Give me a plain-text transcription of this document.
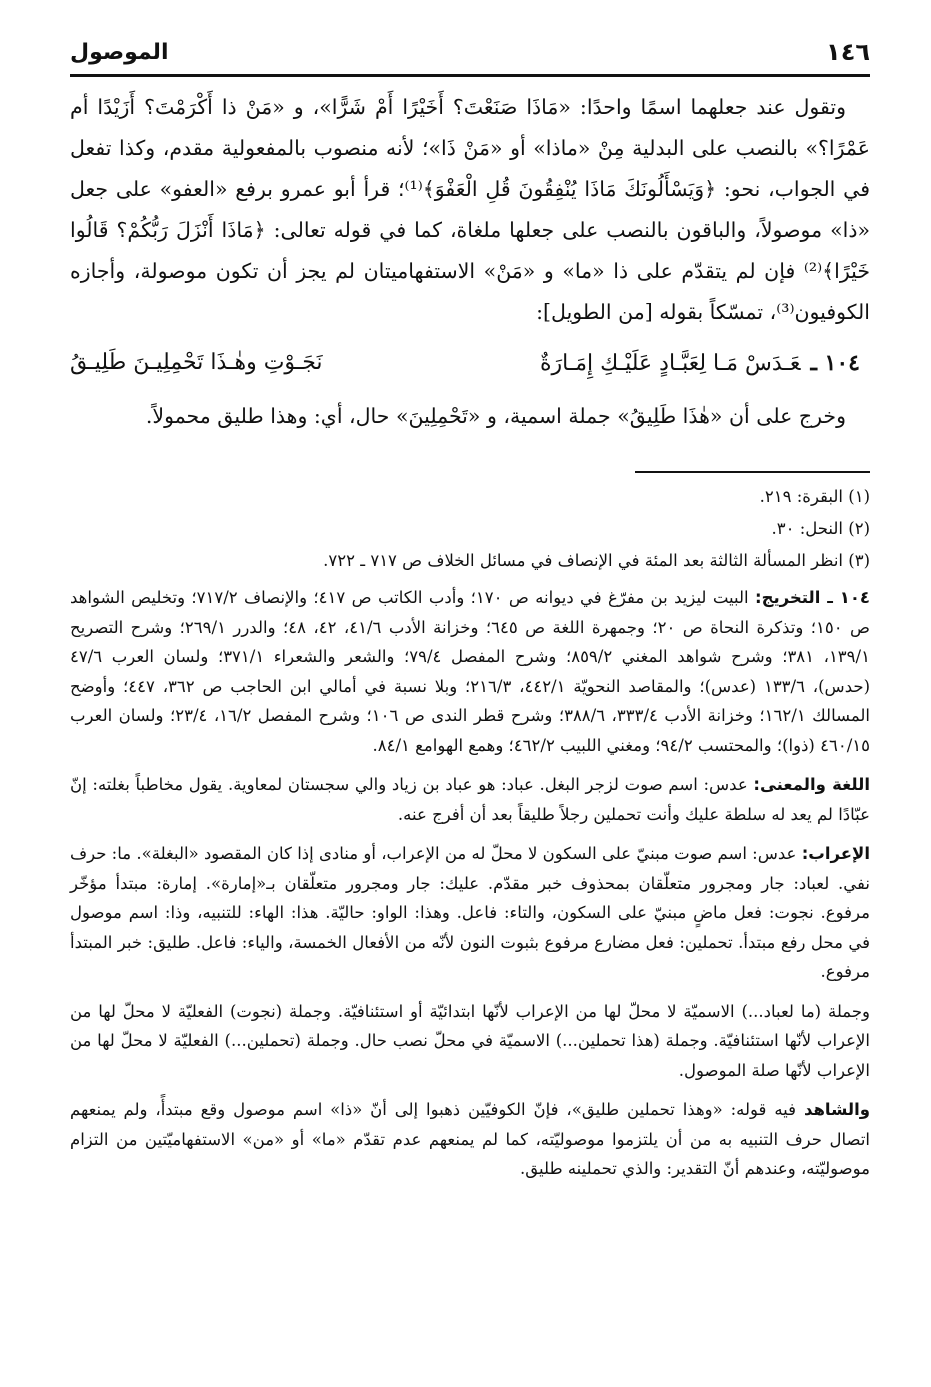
١٤٦
الموصول

وتقول عند جعلهما اسمًا واحدًا: «مَاذَا صَنَعْتَ؟ أَخَيْرًا أَمْ شَرًّا»، و «مَنْ ذا أَكْرَمْتَ؟ أَزَيْدًا أم عَمْرًا؟» بالنصب على البدلية مِنْ «ماذا» أو «مَنْ ذَا»؛ لأنه منصوب بالمفعولية مقدم، وكذا تفعل في الجواب، نحو: ﴿وَيَسْأَلُونَكَ مَاذَا يُنْفِقُونَ قُلِ الْعَفْوَ﴾⁽¹⁾؛ قرأ أبو عمرو برفع «العفو» على جعل «ذا» موصولاً، والباقون بالنصب على جعلها ملغاة، كما في قوله تعالى: ﴿مَاذَا أَنْزَلَ رَبُّكُمْ؟ قَالُوا خَيْرًا﴾⁽²⁾ فإن لم يتقدّم على ذا «ما» و «مَنْ» الاستفهاميتان لم يجز أن تكون موصولة، وأجازه الكوفيون⁽³⁾، تمسّكاً بقوله [من الطويل]:

١٠٤ ـعَـدَسْ مَـا لِعَبَّـادٍ عَلَيْـكِ إِمَـارَةٌ
نَجَـوْتِ وهٰـذَا تَحْمِلِيـنَ طَلِيـقُ

وخرج على أن «هٰذَا طَلِيقُ» جملة اسمية، و «تَحْمِلِينَ» حال، أي: وهذا طليق محمولاً.

(١) البقرة: ٢١٩.

(٢) النحل: ٣٠.

(٣) انظر المسألة الثالثة بعد المئة في الإنصاف في مسائل الخلاف ص ٧١٧ ـ ٧٢٢.

١٠٤ ـ التخريج: البيت ليزيد بن مفرّغ في ديوانه ص ١٧٠؛ وأدب الكاتب ص ٤١٧؛ والإنصاف ٧١٧/٢؛ وتخليص الشواهد ص ١٥٠؛ وتذكرة النحاة ص ٢٠؛ وجمهرة اللغة ص ٦٤٥؛ وخزانة الأدب ٤١/٦، ٤٢، ٤٨؛ والدرر ٢٦٩/١؛ وشرح التصريح ١٣٩/١، ٣٨١؛ وشرح شواهد المغني ٨٥٩/٢؛ وشرح المفصل ٧٩/٤؛ والشعر والشعراء ٣٧١/١؛ ولسان العرب ٤٧/٦ (حدس)، ١٣٣/٦ (عدس)؛ والمقاصد النحويّة ٤٤٢/١، ٢١٦/٣؛ وبلا نسبة في أمالي ابن الحاجب ص ٣٦٢، ٤٤٧؛ وأوضح المسالك ١٦٢/١؛ وخزانة الأدب ٣٣٣/٤، ٣٨٨/٦؛ وشرح قطر الندى ص ١٠٦؛ وشرح المفصل ١٦/٢، ٢٣/٤؛ ولسان العرب ٤٦٠/١٥ (ذوا)؛ والمحتسب ٩٤/٢؛ ومغني اللبيب ٤٦٢/٢؛ وهمع الهوامع ٨٤/١.

اللغة والمعنى: عدس: اسم صوت لزجر البغل. عباد: هو عباد بن زياد والي سجستان لمعاوية. يقول مخاطباً بغلته: إنّ عبّادًا لم يعد له سلطة عليك وأنت تحملين رجلاً طليقاً بعد أن أفرج عنه.

الإعراب: عدس: اسم صوت مبنيّ على السكون لا محلّ له من الإعراب، أو منادى إذا كان المقصود «البغلة». ما: حرف نفي. لعباد: جار ومجرور متعلّقان بمحذوف خبر مقدّم. عليك: جار ومجرور متعلّقان بـ«إمارة». إمارة: مبتدأ مؤخّر مرفوع. نجوت: فعل ماضٍ مبنيّ على السكون، والتاء: فاعل. وهذا: الواو: حاليّة. هذا: الهاء: للتنبيه، وذا: اسم موصول في محل رفع مبتدأ. تحملين: فعل مضارع مرفوع بثبوت النون لأنّه من الأفعال الخمسة، والياء: فاعل. طليق: خبر المبتدأ مرفوع.

وجملة (ما لعباد...) الاسميّة لا محلّ لها من الإعراب لأنّها ابتدائيّة أو استئنافيّة. وجملة (نجوت) الفعليّة لا محلّ لها من الإعراب لأنّها استئنافيّة. وجملة (هذا تحملين...) الاسميّة في محلّ نصب حال. وجملة (تحملين...) الفعليّة لا محلّ لها من الإعراب لأنّها صلة الموصول.

والشاهد فيه قوله: «وهذا تحملين طليق»، فإنّ الكوفيّين ذهبوا إلى أنّ «ذا» اسم موصول وقع مبتدأً، ولم يمنعهم اتصال حرف التنبيه به من أن يلتزموا موصوليّته، كما لم يمنعهم عدم تقدّم «ما» أو «من» الاستفهاميّتين من التزام موصوليّته، وعندهم أنّ التقدير: والذي تحملينه طليق.
